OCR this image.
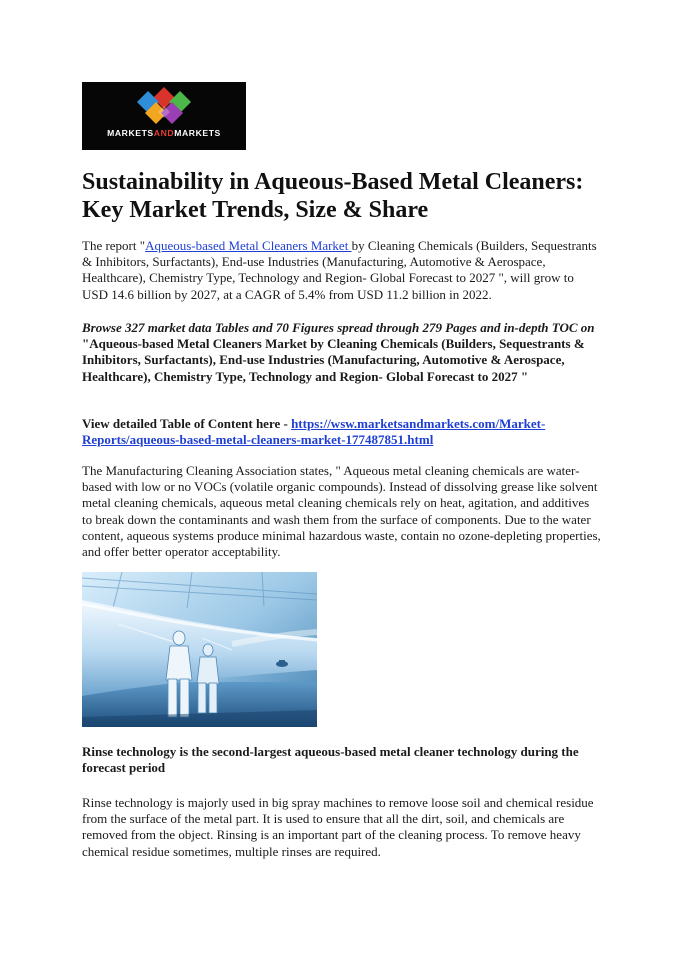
MARKETSANDMARKETS
Sustainability in Aqueous-Based Metal Cleaners: Key Market Trends, Size & Share

The report "Aqueous-based Metal Cleaners Market by Cleaning Chemicals (Builders, Sequestrants & Inhibitors, Surfactants), End-use Industries (Manufacturing, Automotive & Aerospace, Healthcare), Chemistry Type, Technology and Region- Global Forecast to 2027 ", will grow to USD 14.6 billion by 2027, at a CAGR of 5.4% from USD 11.2 billion in 2022.

Browse 327 market data Tables and 70 Figures spread through 279 Pages and in-depth TOC on "Aqueous-based Metal Cleaners Market by Cleaning Chemicals (Builders, Sequestrants & Inhibitors, Surfactants), End-use Industries (Manufacturing, Automotive & Aerospace, Healthcare), Chemistry Type, Technology and Region- Global Forecast to 2027 "

View detailed Table of Content here - https://wsw.marketsandmarkets.com/Market-Reports/aqueous-based-metal-cleaners-market-177487851.html

The Manufacturing Cleaning Association states, " Aqueous metal cleaning chemicals are water-based with low or no VOCs (volatile organic compounds). Instead of dissolving grease like solvent metal cleaning chemicals, aqueous metal cleaning chemicals rely on heat, agitation, and additives to break down the contaminants and wash them from the surface of components. Due to the water content, aqueous systems produce minimal hazardous waste, contain no ozone-depleting properties, and offer better operator acceptability.

Rinse technology is the second-largest aqueous-based metal cleaner technology during the forecast period

Rinse technology is majorly used in big spray machines to remove loose soil and chemical residue from the surface of the metal part. It is used to ensure that all the dirt, soil, and chemicals are removed from the object. Rinsing is an important part of the cleaning process. To remove heavy chemical residue sometimes, multiple rinses are required.
